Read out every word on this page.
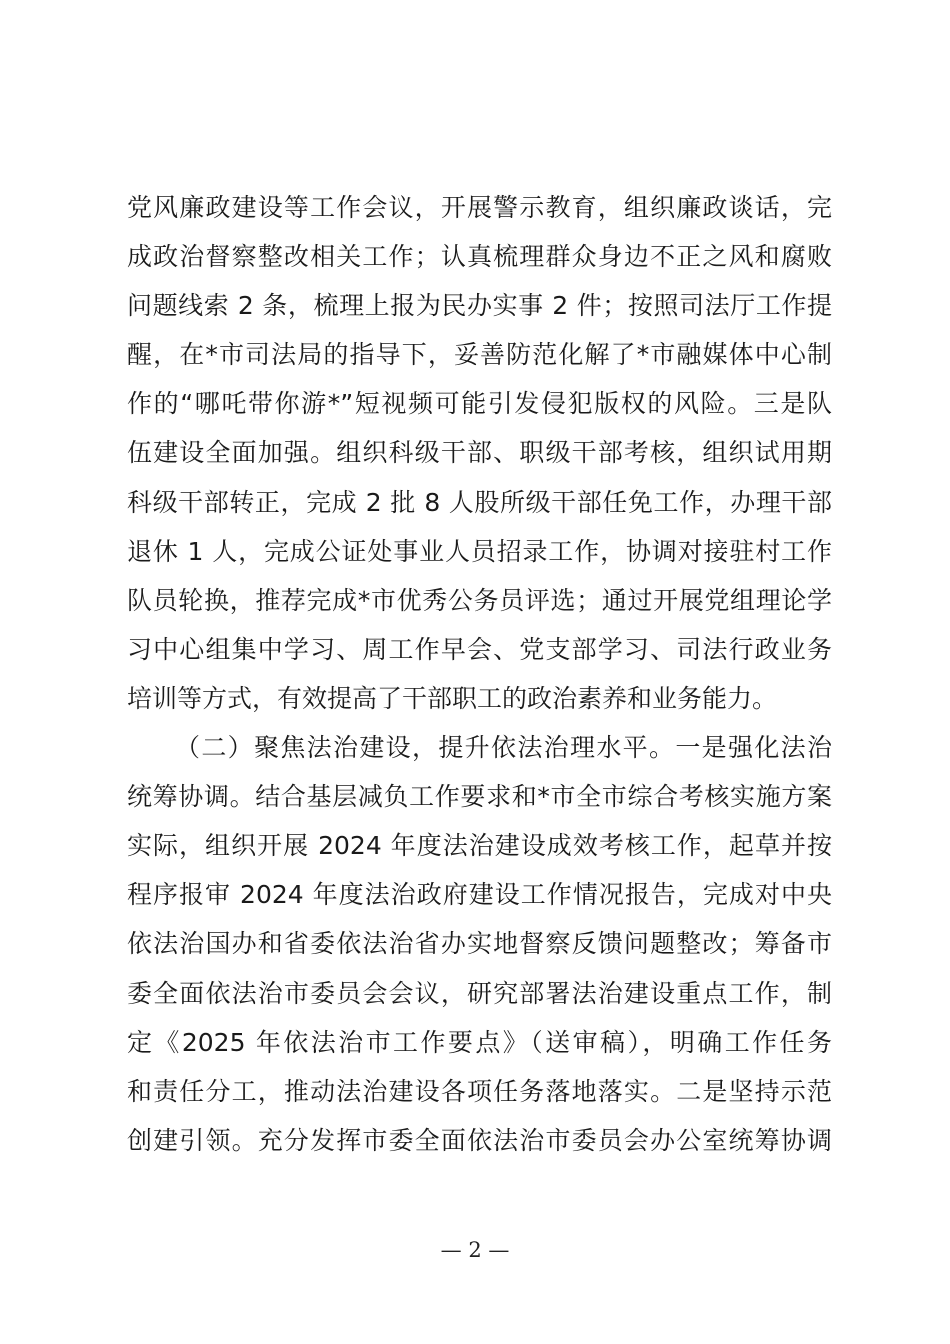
党风廉政建设等工作会议，开展警示教育，组织廉政谈话，完
成政治督察整改相关工作；认真梳理群众身边不正之风和腐败
问题线索 2 条，梳理上报为民办实事 2 件；按照司法厅工作提
醒，在*市司法局的指导下，妥善防范化解了*市融媒体中心制
作的“哪吒带你游*”短视频可能引发侵犯版权的风险。三是队
伍建设全面加强。组织科级干部、职级干部考核，组织试用期
科级干部转正，完成 2 批 8 人股所级干部任免工作，办理干部
退休 1 人，完成公证处事业人员招录工作，协调对接驻村工作
队员轮换，推荐完成*市优秀公务员评选；通过开展党组理论学
习中心组集中学习、周工作早会、党支部学习、司法行政业务
培训等方式，有效提高了干部职工的政治素养和业务能力。
（二）聚焦法治建设，提升依法治理水平。一是强化法治
统筹协调。结合基层减负工作要求和*市全市综合考核实施方案
实际，组织开展 2024 年度法治建设成效考核工作，起草并按
程序报审 2024 年度法治政府建设工作情况报告，完成对中央
依法治国办和省委依法治省办实地督察反馈问题整改；筹备市
委全面依法治市委员会会议，研究部署法治建设重点工作，制
定《2025 年依法治市工作要点》（送审稿），明确工作任务
和责任分工，推动法治建设各项任务落地落实。二是坚持示范
创建引领。充分发挥市委全面依法治市委员会办公室统筹协调
— 2 —
